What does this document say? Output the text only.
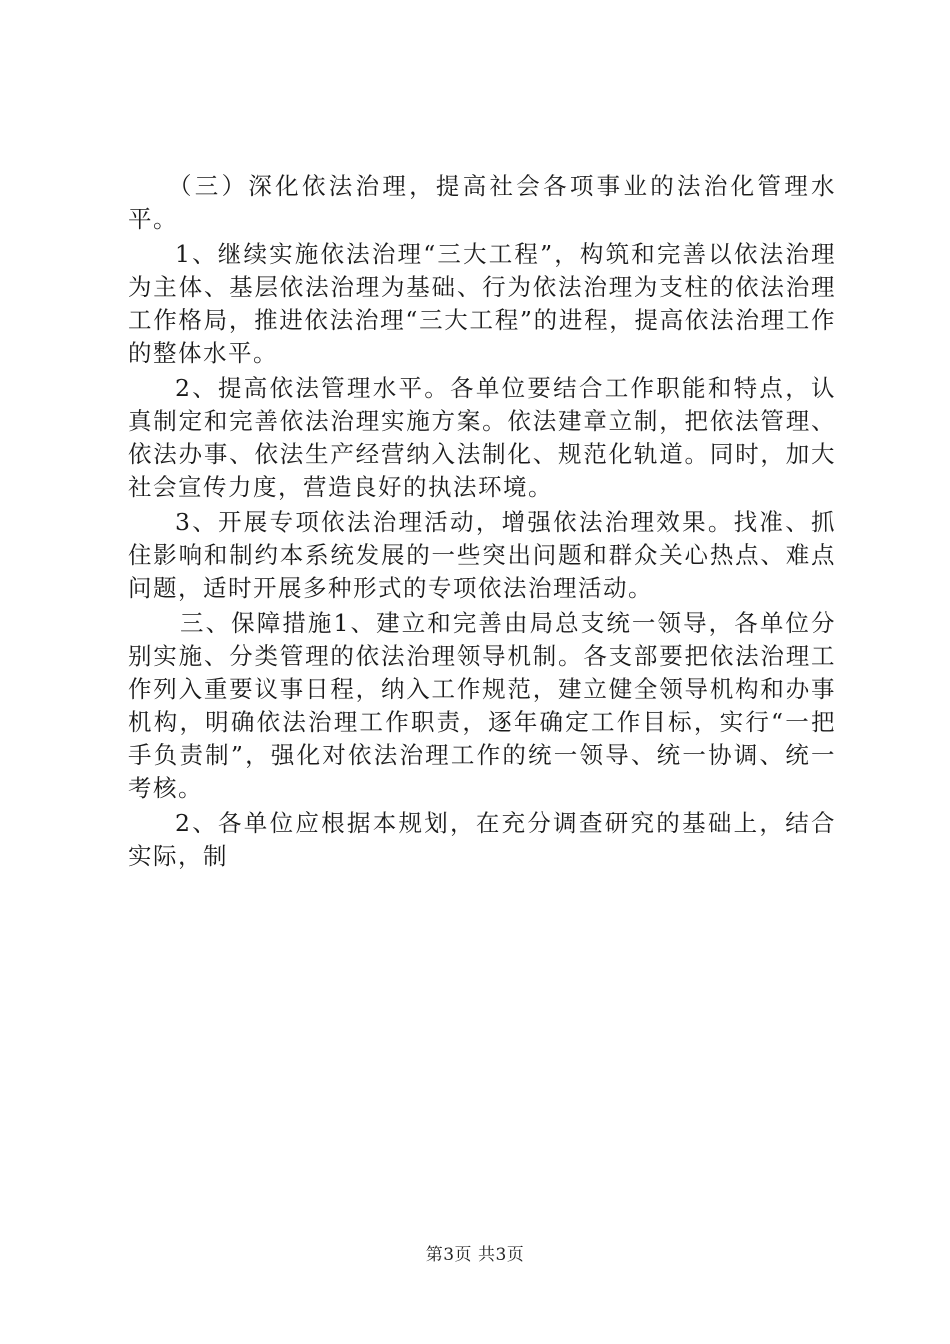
（三）深化依法治理，提高社会各项事业的法治化管理水平。

1、继续实施依法治理“三大工程”，构筑和完善以依法治理为主体、基层依法治理为基础、行为依法治理为支柱的依法治理工作格局，推进依法治理“三大工程”的进程，提高依法治理工作的整体水平。

2、提高依法管理水平。各单位要结合工作职能和特点，认真制定和完善依法治理实施方案。依法建章立制，把依法管理、依法办事、依法生产经营纳入法制化、规范化轨道。同时，加大社会宣传力度，营造良好的执法环境。

3、开展专项依法治理活动，增强依法治理效果。找准、抓住影响和制约本系统发展的一些突出问题和群众关心热点、难点问题，适时开展多种形式的专项依法治理活动。

三、保障措施1、建立和完善由局总支统一领导，各单位分别实施、分类管理的依法治理领导机制。各支部要把依法治理工作列入重要议事日程，纳入工作规范，建立健全领导机构和办事机构，明确依法治理工作职责，逐年确定工作目标，实行“一把手负责制”，强化对依法治理工作的统一领导、统一协调、统一考核。

2、各单位应根据本规划，在充分调查研究的基础上，结合实际，制

第3页 共3页
